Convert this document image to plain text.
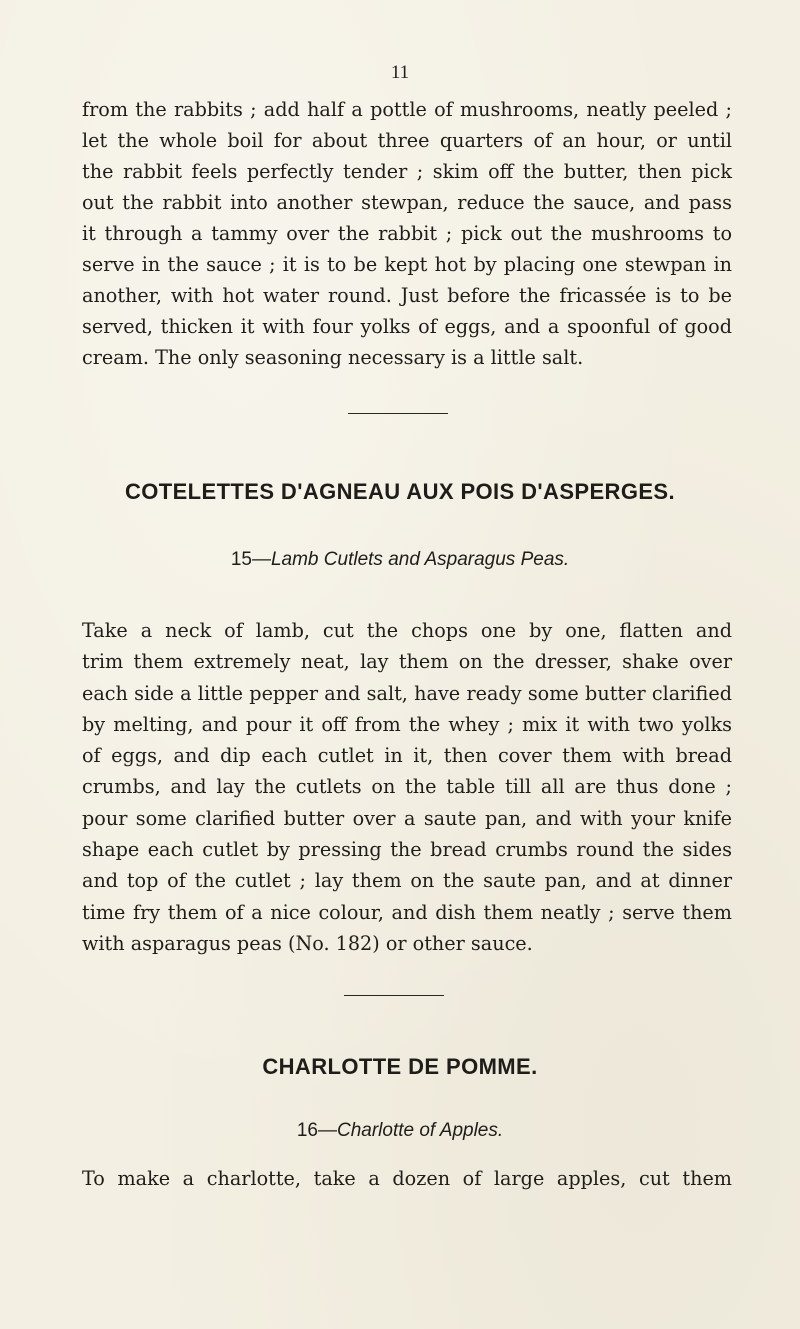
11
from the rabbits ; add half a pottle of mushrooms, neatly peeled ;
let the whole boil for about three quarters of an hour, or until
the rabbit feels perfectly tender ; skim off the butter, then pick
out the rabbit into another stewpan, reduce the sauce, and pass
it through a tammy over the rabbit ; pick out the mushrooms to
serve in the sauce ; it is to be kept hot by placing one stewpan in
another, with hot water round. Just before the fricassée is to be
served, thicken it with four yolks of eggs, and a spoonful of good
cream. The only seasoning necessary is a little salt.
COTELETTES D'AGNEAU AUX POIS D'ASPERGES.
15—Lamb Cutlets and Asparagus Peas.
Take a neck of lamb, cut the chops one by one, flatten and
trim them extremely neat, lay them on the dresser, shake over
each side a little pepper and salt, have ready some butter clarified
by melting, and pour it off from the whey ; mix it with two yolks
of eggs, and dip each cutlet in it, then cover them with bread
crumbs, and lay the cutlets on the table till all are thus done ;
pour some clarified butter over a saute pan, and with your knife
shape each cutlet by pressing the bread crumbs round the sides
and top of the cutlet ; lay them on the saute pan, and at dinner
time fry them of a nice colour, and dish them neatly ; serve them
with asparagus peas (No. 182) or other sauce.
CHARLOTTE DE POMME.
16—Charlotte of Apples.
To make a charlotte, take a dozen of large apples, cut them
